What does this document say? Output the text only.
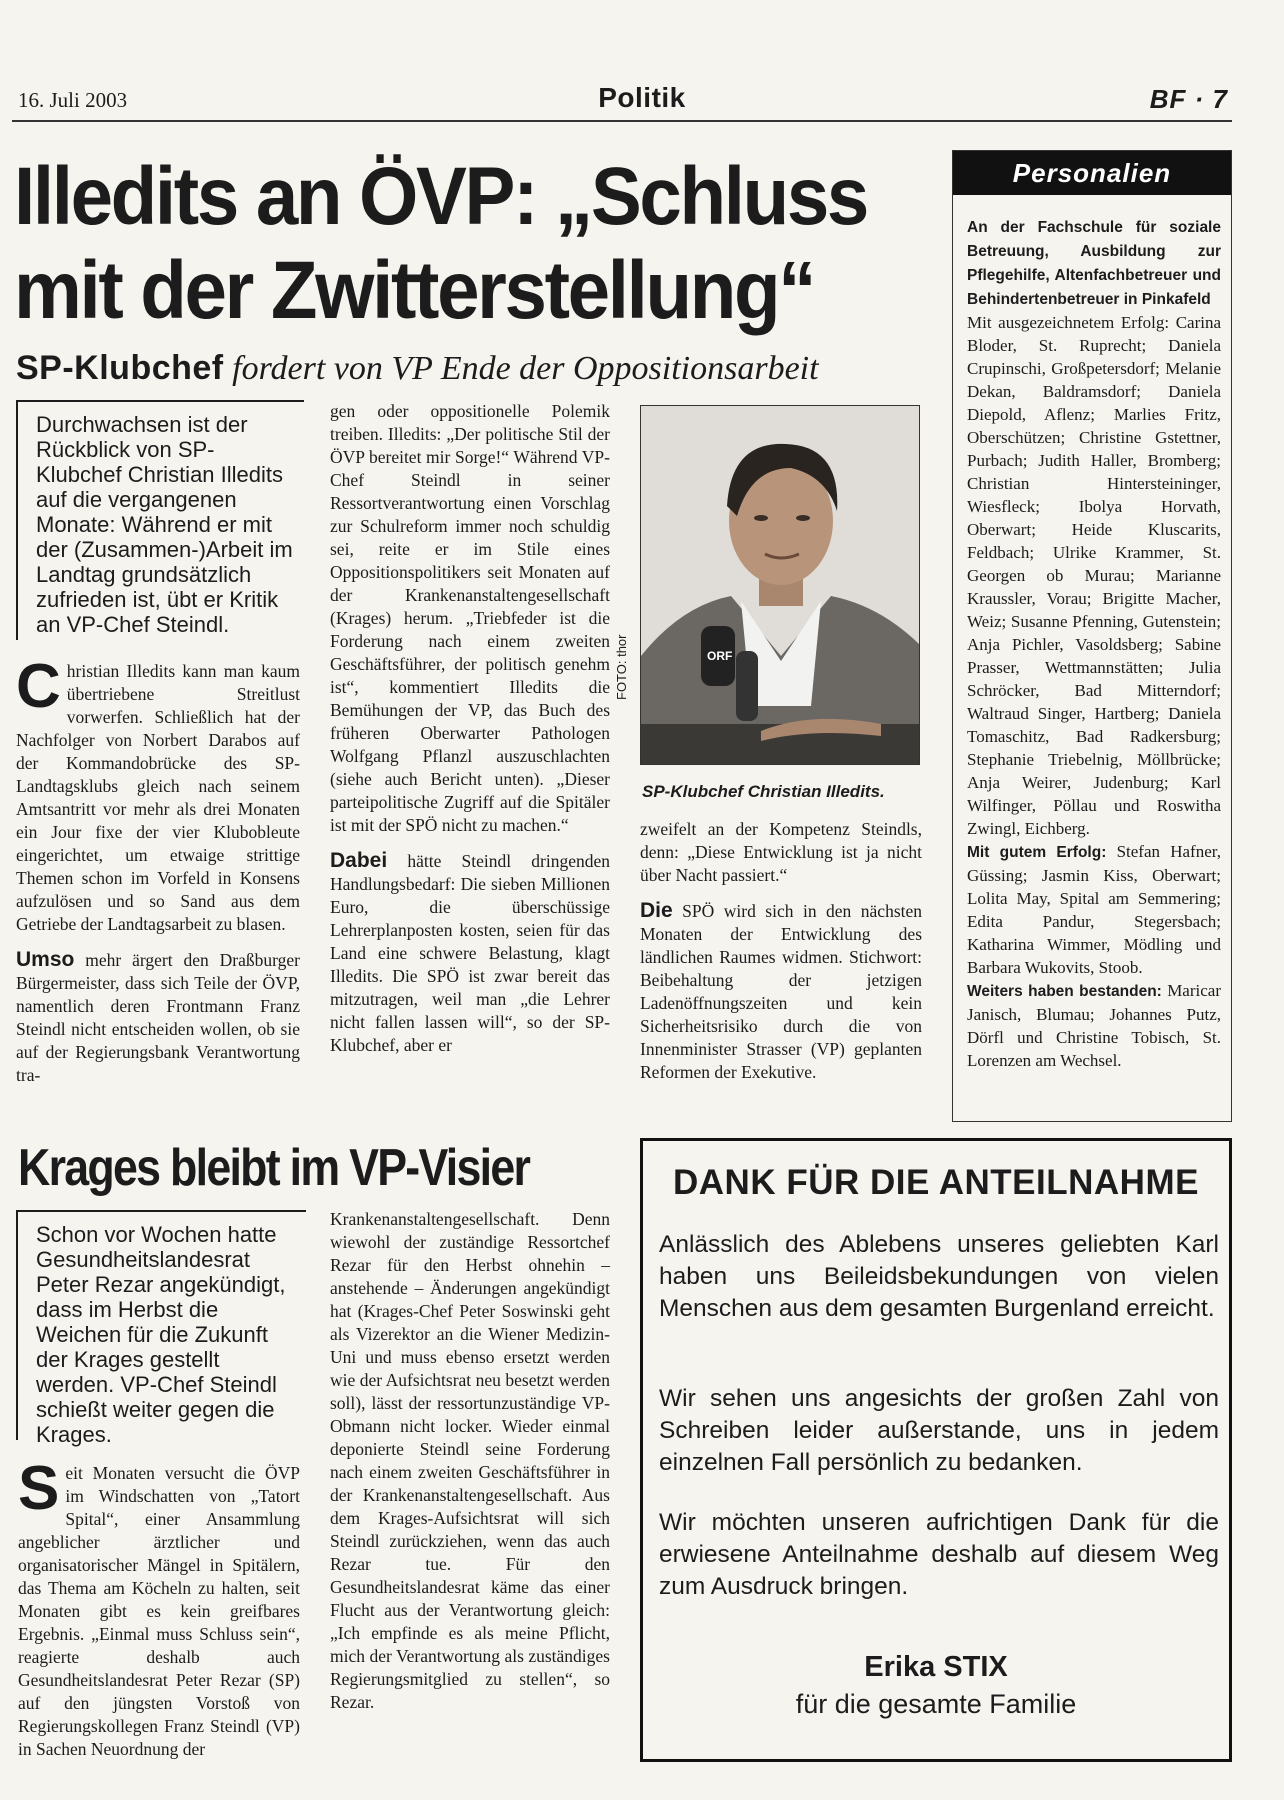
16. Juli 2003	Politik	BF · 7
Illedits an ÖVP: „Schluss mit der Zwitterstellung“
SP-Klubchef fordert von VP Ende der Oppositionsarbeit
Durchwachsen ist der Rückblick von SP-Klubchef Christian Illedits auf die vergangenen Monate: Während er mit der (Zusammen-)Arbeit im Landtag grundsätzlich zufrieden ist, übt er Kritik an VP-Chef Steindl.

C hristian Illedits kann man kaum übertriebene Streitlust vorwerfen. Schließlich hat der Nachfolger von Norbert Darabos auf der Kommandobrücke des SP-Landtagsklubs gleich nach seinem Amtsantritt vor mehr als drei Monaten ein Jour fixe der vier Klubobleute eingerichtet, um etwaige strittige Themen schon im Vorfeld in Konsens aufzulösen und so Sand aus dem Getriebe der Landtagsarbeit zu blasen.

Umso mehr ärgert den Draßburger Bürgermeister, dass sich Teile der ÖVP, namentlich deren Frontmann Franz Steindl nicht entscheiden wollen, ob sie auf der Regierungsbank Verantwortung tra-

gen oder oppositionelle Polemik treiben. Illedits: „Der politische Stil der ÖVP bereitet mir Sorge!“ Während VP-Chef Steindl in seiner Ressortverantwortung einen Vorschlag zur Schulreform immer noch schuldig sei, reite er im Stile eines Oppositionspolitikers seit Monaten auf der Krankenanstaltengesellschaft (Krages) herum. „Triebfeder ist die Forderung nach einem zweiten Geschäftsführer, der politisch genehm ist“, kommentiert Illedits die Bemühungen der VP, das Buch des früheren Oberwarter Pathologen Wolfgang Pflanzl auszuschlachten (siehe auch Bericht unten). „Dieser parteipolitische Zugriff auf die Spitäler ist mit der SPÖ nicht zu machen.“

Dabei hätte Steindl dringenden Handlungsbedarf: Die sieben Millionen Euro, die überschüssige Lehrerplanposten kosten, seien für das Land eine schwere Belastung, klagt Illedits. Die SPÖ ist zwar bereit das mitzutragen, weil man „die Lehrer nicht fallen lassen will“, so der SP-Klubchef, aber er

ORF
FOTO: thor
SP-Klubchef Christian Illedits.

zweifelt an der Kompetenz Steindls, denn: „Diese Entwicklung ist ja nicht über Nacht passiert.“

Die SPÖ wird sich in den nächsten Monaten der Entwicklung des ländlichen Raumes widmen. Stichwort: Beibehaltung der jetzigen Ladenöffnungszeiten und kein Sicherheitsrisiko durch die von Innenminister Strasser (VP) geplanten Reformen der Exekutive.

Personalien
An der Fachschule für soziale Betreuung, Ausbildung zur Pflegehilfe, Altenfachbetreuer und Behindertenbetreuer in Pinkafeld
Mit ausgezeichnetem Erfolg: Carina Bloder, St. Ruprecht; Daniela Crupinschi, Großpetersdorf; Melanie Dekan, Baldramsdorf; Daniela Diepold, Aflenz; Marlies Fritz, Oberschützen; Christine Gstettner, Purbach; Judith Haller, Bromberg; Christian Hintersteininger, Wiesfleck; Ibolya Horvath, Oberwart; Heide Kluscarits, Feldbach; Ulrike Krammer, St. Georgen ob Murau; Marianne Kraussler, Vorau; Brigitte Macher, Weiz; Susanne Pfenning, Gutenstein; Anja Pichler, Vasoldsberg; Sabine Prasser, Wettmannstätten; Julia Schröcker, Bad Mitterndorf; Waltraud Singer, Hartberg; Daniela Tomaschitz, Bad Radkersburg; Stephanie Triebelnig, Möllbrücke; Anja Weirer, Judenburg; Karl Wilfinger, Pöllau und Roswitha Zwingl, Eichberg.
Mit gutem Erfolg: Stefan Hafner, Güssing; Jasmin Kiss, Oberwart; Lolita May, Spital am Semmering; Edita Pandur, Stegersbach; Katharina Wimmer, Mödling und Barbara Wukovits, Stoob.
Weiters haben bestanden: Maricar Janisch, Blumau; Johannes Putz, Dörfl und Christine Tobisch, St. Lorenzen am Wechsel.
Krages bleibt im VP-Visier
Schon vor Wochen hatte Gesundheitslandesrat Peter Rezar angekündigt, dass im Herbst die Weichen für die Zukunft der Krages gestellt werden. VP-Chef Steindl schießt weiter gegen die Krages.

S eit Monaten versucht die ÖVP im Windschatten von „Tatort Spital“, einer Ansammlung angeblicher ärztlicher und organisatorischer Mängel in Spitälern, das Thema am Köcheln zu halten, seit Monaten gibt es kein greifbares Ergebnis. „Einmal muss Schluss sein“, reagierte deshalb auch Gesundheitslandesrat Peter Rezar (SP) auf den jüngsten Vorstoß von Regierungskollegen Franz Steindl (VP) in Sachen Neuordnung der

Krankenanstaltengesellschaft. Denn wiewohl der zuständige Ressortchef Rezar für den Herbst ohnehin – anstehende – Änderungen angekündigt hat (Krages-Chef Peter Soswinski geht als Vizerektor an die Wiener Medizin-Uni und muss ebenso ersetzt werden wie der Aufsichtsrat neu besetzt werden soll), lässt der ressortunzuständige VP-Obmann nicht locker. Wieder einmal deponierte Steindl seine Forderung nach einem zweiten Geschäftsführer in der Krankenanstaltengesellschaft. Aus dem Krages-Aufsichtsrat will sich Steindl zurückziehen, wenn das auch Rezar tue. Für den Gesundheitslandesrat käme das einer Flucht aus der Verantwortung gleich: „Ich empfinde es als meine Pflicht, mich der Verantwortung als zuständiges Regierungsmitglied zu stellen“, so Rezar.

DANK FÜR DIE ANTEILNAHME
Anlässlich des Ablebens unseres geliebten Karl haben uns Beileidsbekundungen von vielen Menschen aus dem gesamten Burgenland erreicht.
Wir sehen uns angesichts der großen Zahl von Schreiben leider außerstande, uns in jedem einzelnen Fall persönlich zu bedanken.
Wir möchten unseren aufrichtigen Dank für die erwiesene Anteilnahme deshalb auf diesem Weg zum Ausdruck bringen.
Erika STIX
für die gesamte Familie
